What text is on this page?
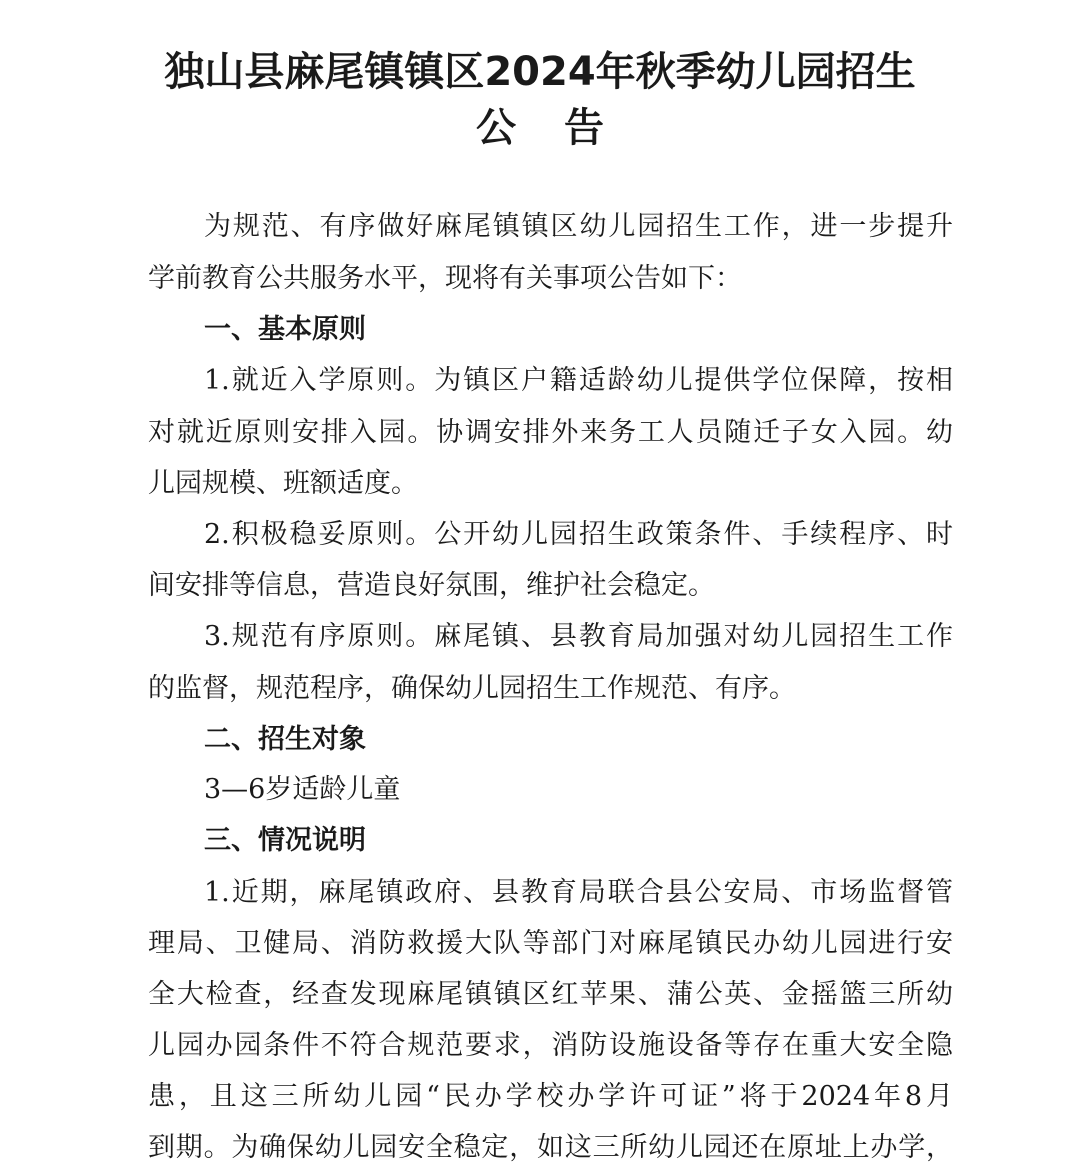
独山县麻尾镇镇区2024年秋季幼儿园招生
公告
为规范、有序做好麻尾镇镇区幼儿园招生工作，进一步提升
学前教育公共服务水平，现将有关事项公告如下：
一、基本原则
1.就近入学原则。为镇区户籍适龄幼儿提供学位保障，按相
对就近原则安排入园。协调安排外来务工人员随迁子女入园。幼
儿园规模、班额适度。
2.积极稳妥原则。公开幼儿园招生政策条件、手续程序、时
间安排等信息，营造良好氛围，维护社会稳定。
3.规范有序原则。麻尾镇、县教育局加强对幼儿园招生工作
的监督，规范程序，确保幼儿园招生工作规范、有序。
二、招生对象
3—6岁适龄儿童
三、情况说明
1.近期，麻尾镇政府、县教育局联合县公安局、市场监督管
理局、卫健局、消防救援大队等部门对麻尾镇民办幼儿园进行安
全大检查，经查发现麻尾镇镇区红苹果、蒲公英、金摇篮三所幼
儿园办园条件不符合规范要求，消防设施设备等存在重大安全隐
患，且这三所幼儿园“民办学校办学许可证”将于2024年8月
到期。为确保幼儿园安全稳定，如这三所幼儿园还在原址上办学，
